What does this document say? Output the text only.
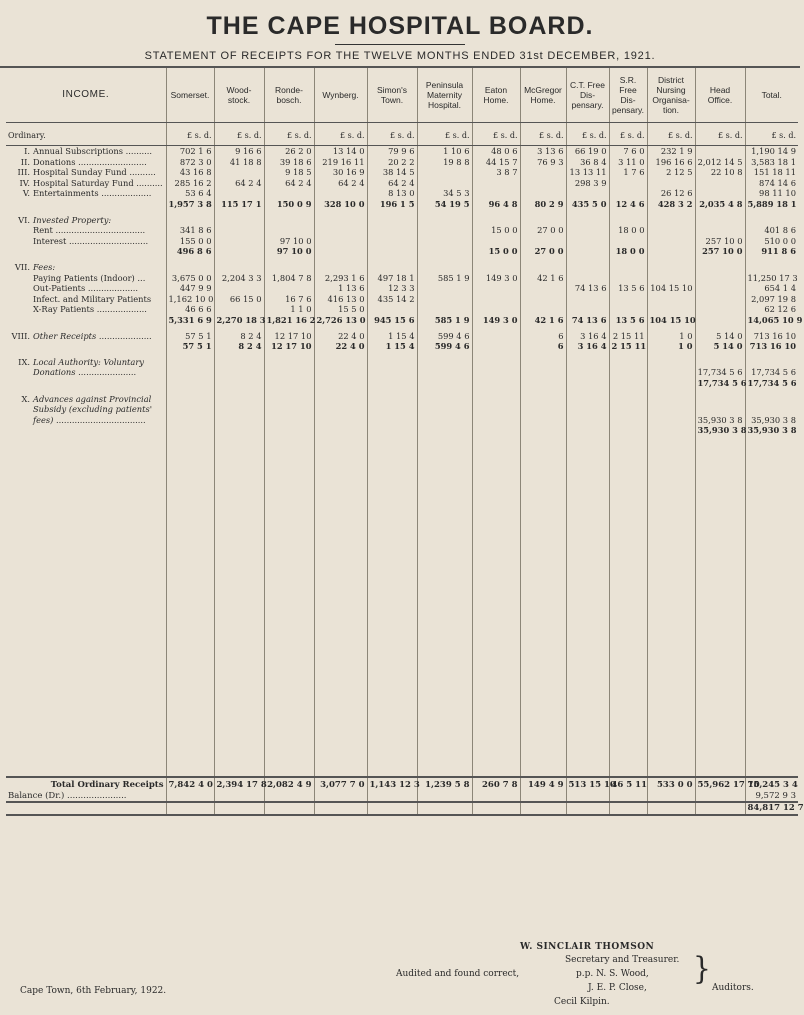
THE CAPE HOSPITAL BOARD.
STATEMENT OF RECEIPTS FOR THE TWELVE MONTHS ENDED 31st DECEMBER, 1921.
INCOME.	Somerset.	Wood-stock.	Ronde-bosch.	Wynberg.	Simon's Town.	Peninsula Maternity Hospital.	Eaton Home.	McGregor Home.	C.T. Free Dis-pensary.	S.R. Free Dis-pensary.	District Nursing Organisa-tion.	Head Office.	Total.
Ordinary.	£ s. d.	£ s. d.	£ s. d.	£ s. d.	£ s. d.	£ s. d.	£ s. d.	£ s. d.	£ s. d.	£ s. d.	£ s. d.	£ s. d.	£ s. d.
I. Annual Subscriptions ..........	702 1 6	9 16 6	26 2 0	13 14 0	79 9 6	1 10 6	48 0 6	3 13 6	66 19 0	7 6 0	232 1 9		1,190 14 9
II. Donations ..........................	872 3 0	41 18 8	39 18 6	219 16 11	20 2 2	19 8 8	44 15 7	76 9 3	36 8 4	3 11 0	196 16 6	2,012 14 5	3,583 18 1
III. Hospital Sunday Fund ..........	43 16 8		9 18 5	30 16 9	38 14 5		3 8 7		13 13 11	1 7 6	2 12 5	22 10 8	151 18 11
IV. Hospital Saturday Fund ..........	285 16 2	64 2 4	64 2 4	64 2 4	64 2 4				298 3 9				874 14 6
V. Entertainments ...................	53 6 4				8 13 0	34 5 3					26 12 6		98 11 10
	1,957 3 8	115 17 1	150 0 9	328 10 0	196 1 5	54 19 5	96 4 8	80 2 9	435 5 0	12 4 6	428 3 2	2,035 4 8	5,889 18 1

VI. Invested Property:													
Rent ..................................	341 8 6						15 0 0	27 0 0		18 0 0			401 8 6
Interest ..............................	155 0 0		97 10 0									257 10 0	510 0 0
	496 8 6		97 10 0				15 0 0	27 0 0		18 0 0		257 10 0	911 8 6

VII. Fees:													
Paying Patients (Indoor) ...	3,675 0 0	2,204 3 3	1,804 7 8	2,293 1 6	497 18 1	585 1 9	149 3 0	42 1 6					11,250 17 3
Out-Patients ...................	447 9 9			1 13 6	12 3 3				74 13 6	13 5 6	104 15 10		654 1 4
Infect. and Military Patients	1,162 10 0	66 15 0	16 7 6	416 13 0	435 14 2								2,097 19 8
X-Ray Patients ...................	46 6 6		1 1 0	15 5 0									62 12 6
	5,331 6 9	2,270 18 3	1,821 16 2	2,726 13 0	945 15 6	585 1 9	149 3 0	42 1 6	74 13 6	13 5 6	104 15 10		14,065 10 9

VIII. Other Receipts ....................	57 5 1	8 2 4	12 17 10	22 4 0	1 15 4	599 4 6		6	3 16 4	2 15 11	1 0	5 14 0	713 16 10
	57 5 1	8 2 4	12 17 10	22 4 0	1 15 4	599 4 6		6	3 16 4	2 15 11	1 0	5 14 0	713 16 10

IX. Local Authority: Voluntary													
Donations ......................												17,734 5 6	17,734 5 6
												17,734 5 6	17,734 5 6

X. Advances against Provincial													
Subsidy (excluding patients'													
fees) ..................................												35,930 3 8	35,930 3 8
												35,930 3 8	35,930 3 8

Total Ordinary Receipts	7,842 4 0	2,394 17 8	2,082 4 9	3,077 7 0	1,143 12 3	1,239 5 8	260 7 8	149 4 9	513 15 10	46 5 11	533 0 0	55,962 17 10	75,245 3 4
Balance (Dr.) ......................													9,572 9 3
													84,817 12 7
Cape Town, 6th February, 1922.
W. SINCLAIR THOMSON
Secretary and Treasurer.
Audited and found correct,	p.p. N. S. Wood,
J. E. P. Close,
Cecil Kilpin.
}
Auditors.
